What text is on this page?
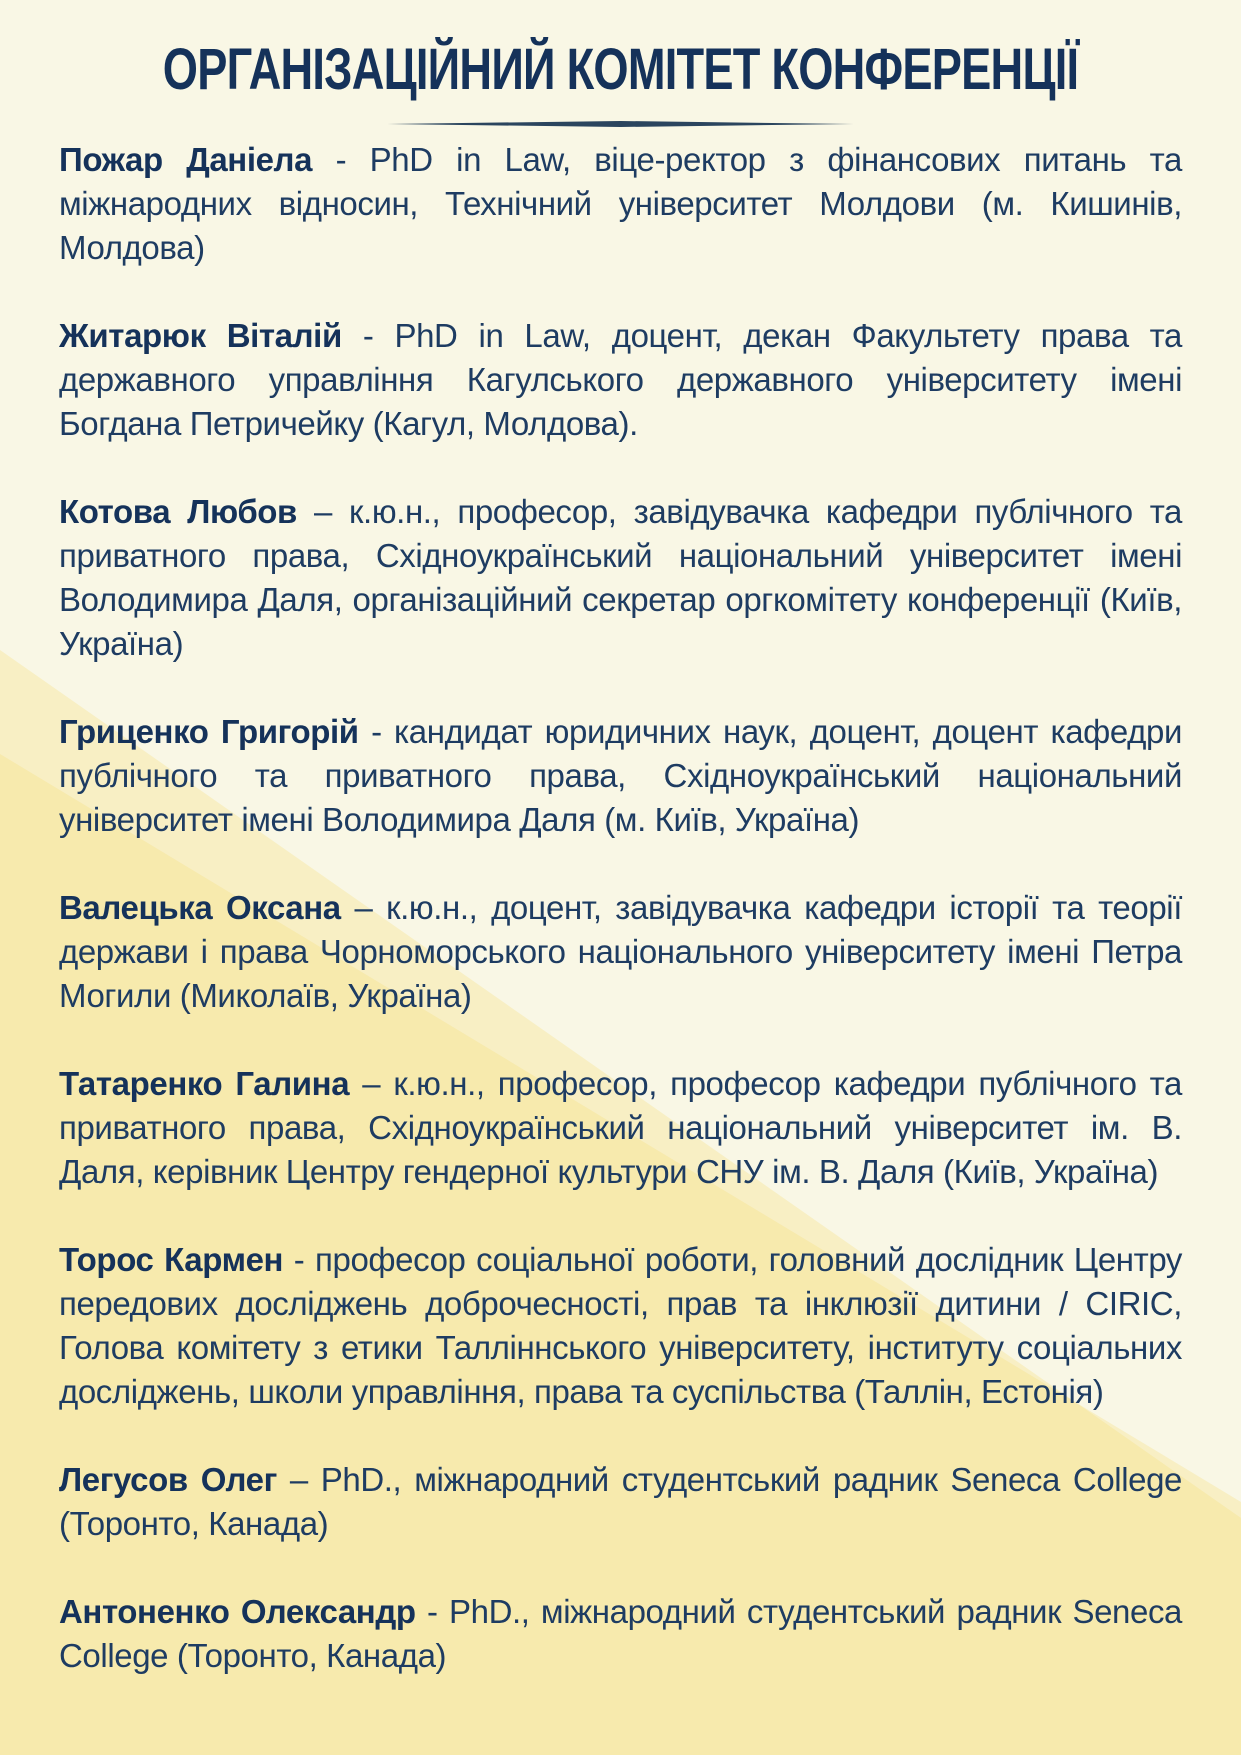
ОРГАНІЗАЦІЙНИЙ КОМІТЕТ КОНФЕРЕНЦІЇ

Пожар Даніела - PhD in Law, віце-ректор з фінансових питань та міжнародних відносин, Технічний університет Молдови (м. Кишинів, Молдова)

Житарюк Віталій - PhD in Law, доцент, декан Факультету права та державного управління Кагулського державного університету імені Богдана Петричейку (Кагул, Молдова).

Котова Любов – к.ю.н., професор, завідувачка кафедри публічного та приватного права, Східноукраїнський національний університет імені Володимира Даля, організаційний секретар оргкомітету конференції (Київ, Україна)

Гриценко Григорій - кандидат юридичних наук, доцент, доцент кафедри публічного та приватного права, Східноукраїнський національний університет імені Володимира Даля (м. Київ, Україна)

Валецька Оксана – к.ю.н., доцент, завідувачка кафедри історії та теорії держави і права Чорноморського національного університету імені Петра Могили (Миколаїв, Україна)

Татаренко Галина – к.ю.н., професор, професор кафедри публічного та приватного права, Східноукраїнський національний університет ім. В. Даля, керівник Центру гендерної культури СНУ ім. В. Даля (Київ, Україна)

Торос Кармен - професор соціальної роботи, головний дослідник Центру передових досліджень доброчесності, прав та інклюзії дитини / CIRIC, Голова комітету з етики Талліннського університету, інституту соціальних досліджень, школи управління, права та суспільства (Таллін, Естонія)

Легусов Олег – PhD., міжнародний студентський радник Seneca College (Торонто, Канада)

Антоненко Олександр - PhD., міжнародний студентський радник Seneca College (Торонто, Канада)
